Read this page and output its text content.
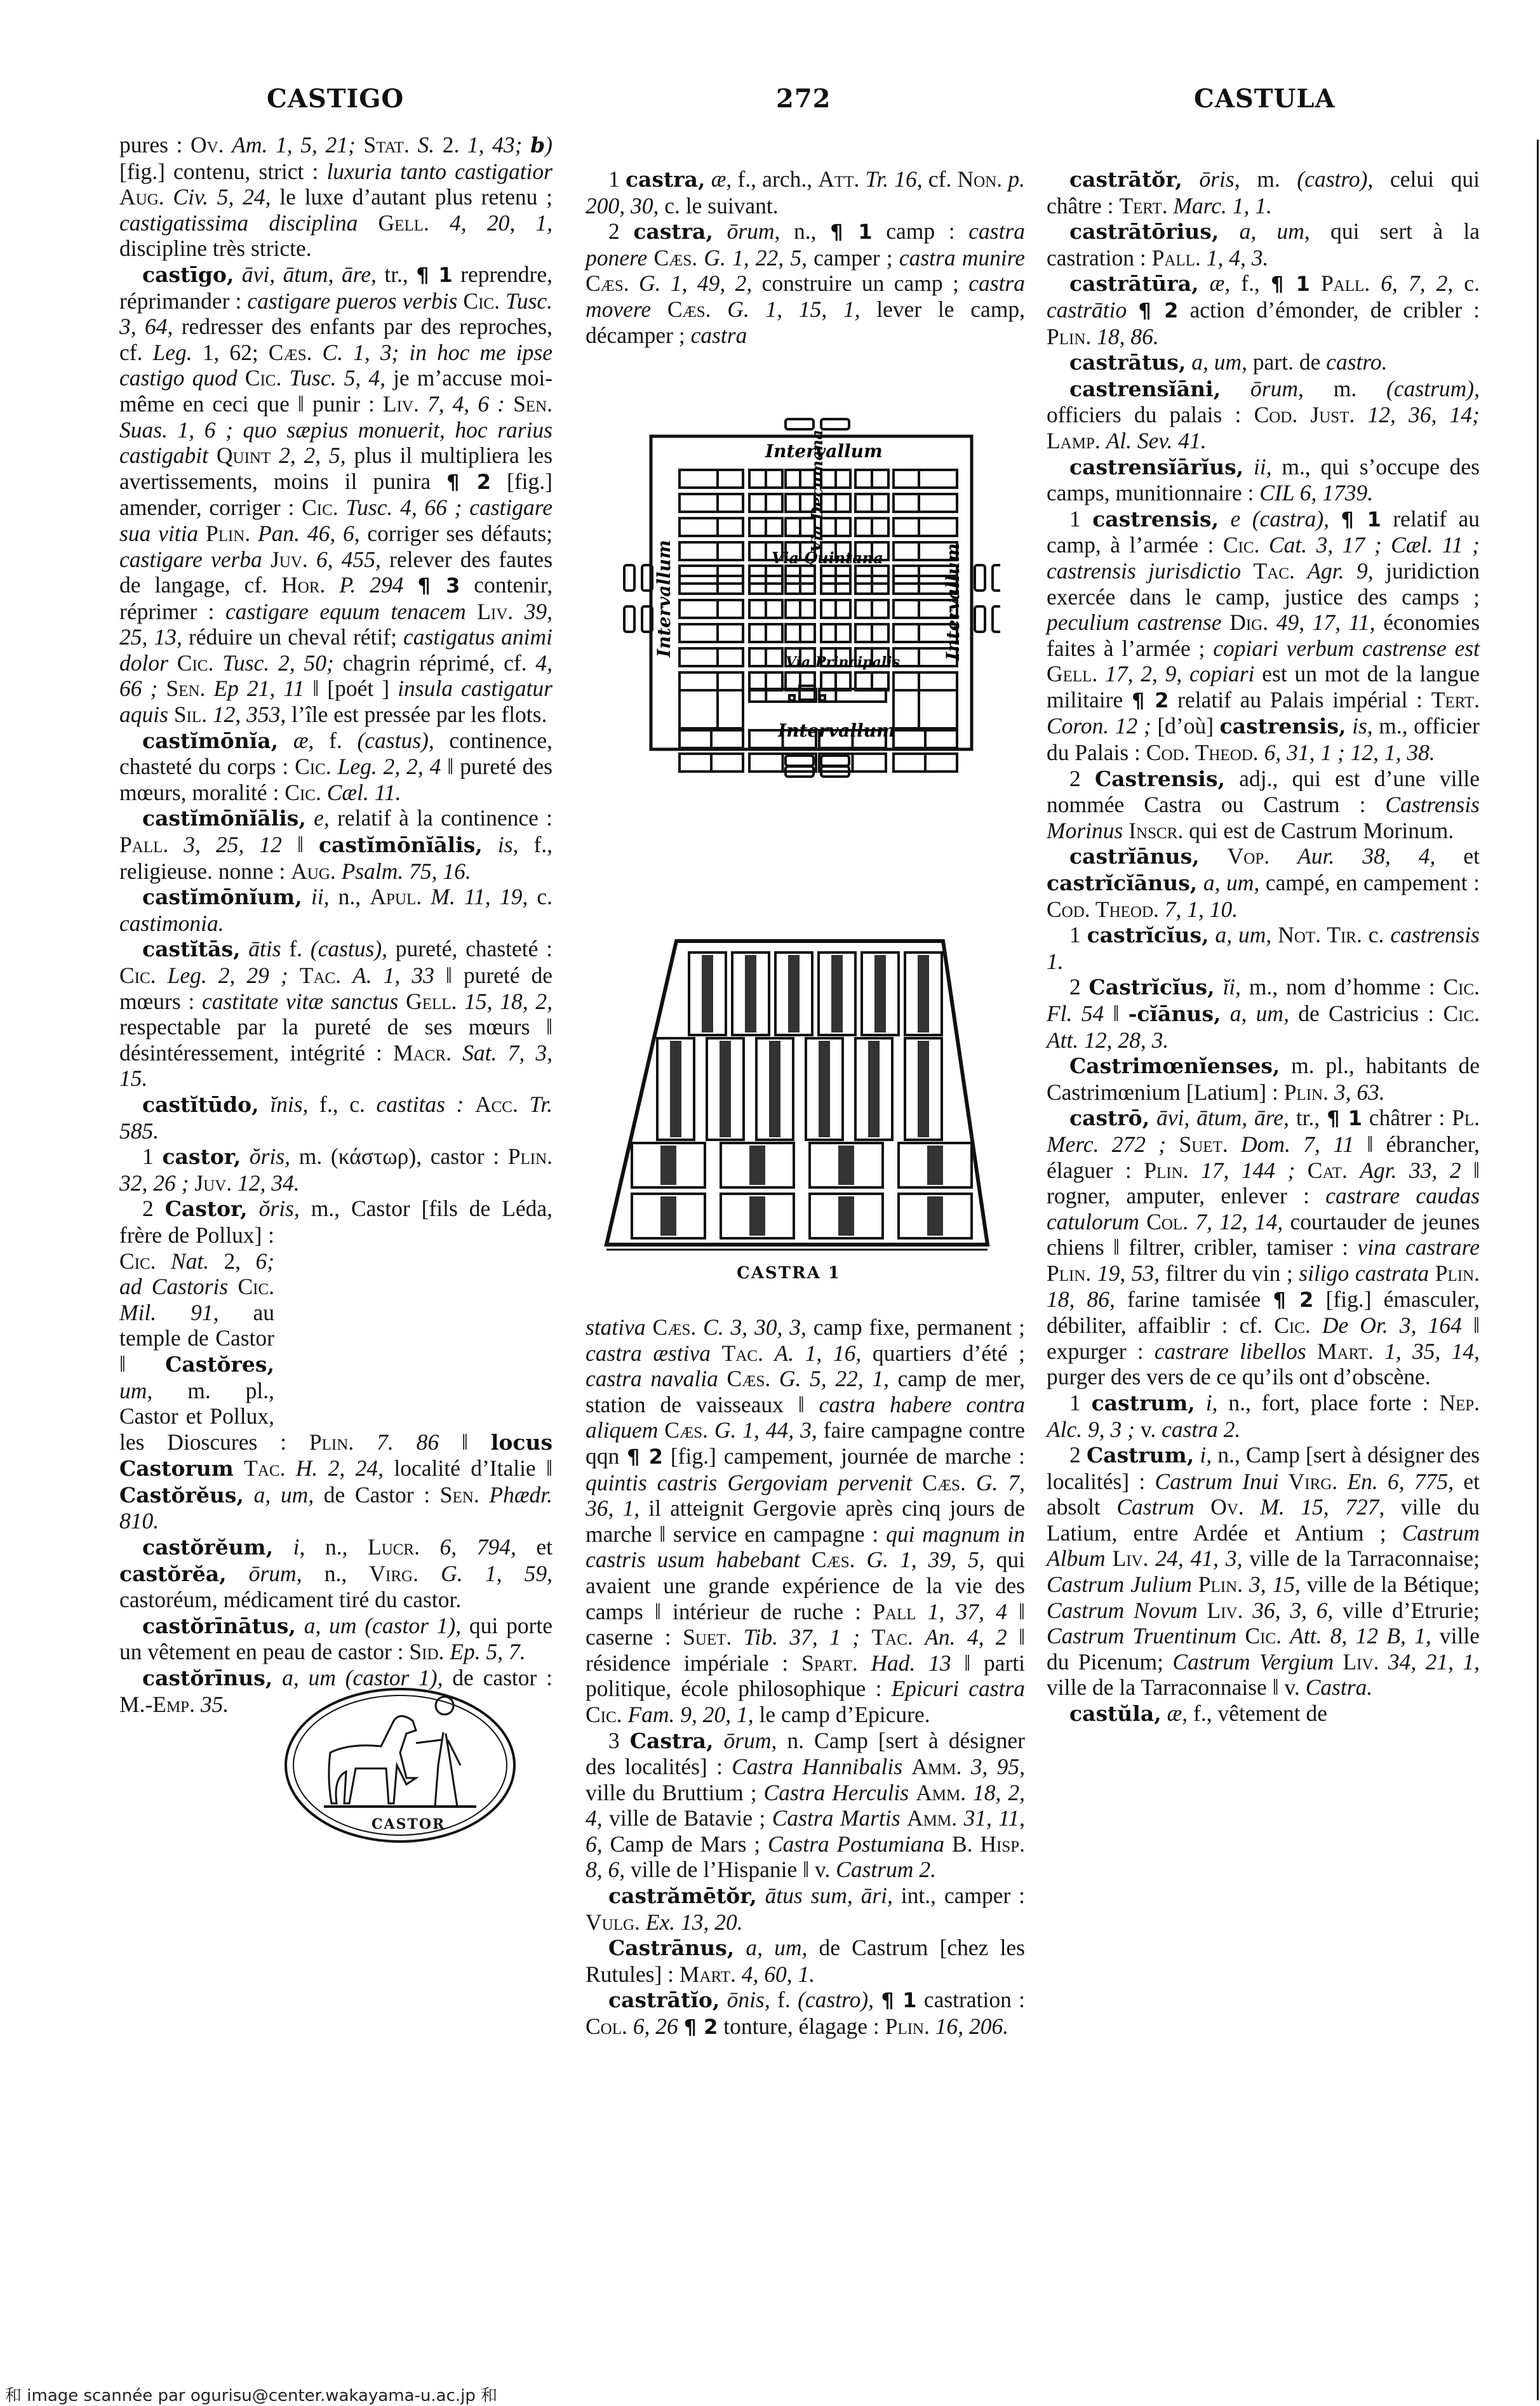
CASTIGO	272	CASTULA

pures : Ov. Am. 1, 5, 21; Stat. S. 2. 1, 43; b) [fig.] contenu, strict : luxuria tanto castigatior Aug. Civ. 5, 24, le luxe d’autant plus retenu ; castigatissima disciplina Gell. 4, 20, 1, discipline très stricte.

castīgo, āvi, ātum, āre, tr., ¶ 1 reprendre, réprimander : castigare pueros verbis Cic. Tusc. 3, 64, redresser des enfants par des reproches, cf. Leg. 1, 62; Cæs. C. 1, 3; in hoc me ipse castigo quod Cic. Tusc. 5, 4, je m’accuse moi-même en ceci que ‖ punir : Liv. 7, 4, 6 : Sen. Suas. 1, 6 ; quo sæpius monuerit, hoc rarius castigabit Quint 2, 2, 5, plus il multipliera les avertissements, moins il punira ¶ 2 [fig.] amender, corriger : Cic. Tusc. 4, 66 ; castigare sua vitia Plin. Pan. 46, 6, corriger ses défauts; castigare verba Juv. 6, 455, relever des fautes de langage, cf. Hor. P. 294 ¶ 3 contenir, réprimer : castigare equum tenacem Liv. 39, 25, 13, réduire un cheval rétif; castigatus animi dolor Cic. Tusc. 2, 50; chagrin réprimé, cf. 4, 66 ; Sen. Ep 21, 11 ‖ [poét ] insula castigatur aquis Sil. 12, 353, l’île est pressée par les flots.

castĭmōnĭa, æ, f. (castus), continence, chasteté du corps : Cic. Leg. 2, 2, 4 ‖ pureté des mœurs, moralité : Cic. Cæl. 11.

castĭmōnĭālis, e, relatif à la continence : Pall. 3, 25, 12 ‖ castĭmōnĭālis, is, f., religieuse. nonne : Aug. Psalm. 75, 16.

castĭmōnĭum, ii, n., Apul. M. 11, 19, c. castimonia.

castĭtās, ātis f. (castus), pureté, chasteté : Cic. Leg. 2, 29 ; Tac. A. 1, 33 ‖ pureté de mœurs : castitate vitæ sanctus Gell. 15, 18, 2, respectable par la pureté de ses mœurs ‖ désintéressement, intégrité : Macr. Sat. 7, 3, 15.

castĭtūdo, ĭnis, f., c. castitas : Acc. Tr. 585.

1 castor, ŏris, m. (κάστωρ), castor : Plin. 32, 26 ; Juv. 12, 34.

2 Castor, ŏris, m., Castor [fils de
Léda, frère de Pollux] : Cic. Nat. 2, 6; ad Castoris Cic. Mil. 91, au temple de Castor ‖ Castŏres, um, m. pl., Castor et Pollux, les Dioscures : Plin. 7. 86 ‖ locus Castorum Tac. H. 2, 24, localité d’Italie ‖ Castŏrĕus, a, um, de Castor : Sen. Phædr. 810.

castŏrĕum, i, n., Lucr. 6, 794, et castŏrĕa, ōrum, n., Virg. G. 1, 59, castoréum, médicament tiré du castor.

castŏrīnātus, a, um (castor 1), qui porte un vêtement en peau de castor : Sid. Ep. 5, 7.

castŏrīnus, a, um (castor 1), de castor : M.-Emp. 35.

1 castra, æ, f., arch., Att. Tr. 16, cf. Non. p. 200, 30, c. le suivant.

2 castra, ōrum, n., ¶ 1 camp : castra ponere Cæs. G. 1, 22, 5, camper ; castra munire Cæs. G. 1, 49, 2, construire un camp ; castra movere Cæs. G. 1, 15, 1, lever le camp, décamper ; castra

Intervallum
Intervallum
Intervallum	Intervallum
Via Decumana
Via Quintana
Via Principalis
CASTRA 1

stativa Cæs. C. 3, 30, 3, camp fixe, permanent ; castra æstiva Tac. A. 1, 16, quartiers d’été ; castra navalia Cæs. G. 5, 22, 1, camp de mer, station de vaisseaux ‖ castra habere contra aliquem Cæs. G. 1, 44, 3, faire campagne contre qqn ¶ 2 [fig.] campement, journée de marche : quintis castris Gergoviam pervenit Cæs. G. 7, 36, 1, il atteignit Gergovie après cinq jours de marche ‖ service en campagne : qui magnum in castris usum habebant Cæs. G. 1, 39, 5, qui avaient une grande expérience de la vie des camps ‖ intérieur de ruche : Pall 1, 37, 4 ‖ caserne : Suet. Tib. 37, 1 ; Tac. An. 4, 2 ‖ résidence impériale : Spart. Had. 13 ‖ parti politique, école philosophique : Epicuri castra Cic. Fam. 9, 20, 1, le camp d’Epicure.

3 Castra, ōrum, n. Camp [sert à désigner des localités] : Castra Hannibalis Amm. 3, 95, ville du Bruttium ; Castra Herculis Amm. 18, 2, 4, ville de Batavie ; Castra Martis Amm. 31, 11, 6, Camp de Mars ; Castra Postumiana B. Hisp. 8, 6, ville de l’Hispanie ‖ v. Castrum 2.

castrămētŏr, ātus sum, āri, int., camper : Vulg. Ex. 13, 20.

Castrānus, a, um, de Castrum [chez les Rutules] : Mart. 4, 60, 1.

castrātĭo, ōnis, f. (castro), ¶ 1 castration : Col. 6, 26 ¶ 2 tonture, élagage : Plin. 16, 206.

castrātŏr, ōris, m. (castro), celui qui châtre : Tert. Marc. 1, 1.

castrātōrius, a, um, qui sert à la castration : Pall. 1, 4, 3.

castrātūra, æ, f., ¶ 1 Pall. 6, 7, 2, c. castrātio ¶ 2 action d’émonder, de cribler : Plin. 18, 86.

castrātus, a, um, part. de castro.

castrensĭāni, ōrum, m. (castrum), officiers du palais : Cod. Just. 12, 36, 14; Lamp. Al. Sev. 41.

castrensĭārĭus, ii, m., qui s’occupe des camps, munitionnaire : CIL 6, 1739.

1 castrensis, e (castra), ¶ 1 relatif au camp, à l’armée : Cic. Cat. 3, 17 ; Cæl. 11 ; castrensis jurisdictio Tac. Agr. 9, juridiction exercée dans le camp, justice des camps ; peculium castrense Dig. 49, 17, 11, économies faites à l’armée ; copiari verbum castrense est Gell. 17, 2, 9, copiari est un mot de la langue militaire ¶ 2 relatif au Palais impérial : Tert. Coron. 12 ; [d’où] castrensis, is, m., officier du Palais : Cod. Theod. 6, 31, 1 ; 12, 1, 38.

2 Castrensis, adj., qui est d’une ville nommée Castra ou Castrum : Castrensis Morinus Inscr. qui est de Castrum Morinum.

castrĭānus, Vop. Aur. 38, 4, et castrĭcĭānus, a, um, campé, en campement : Cod. Theod. 7, 1, 10.

1 castrĭcĭus, a, um, Not. Tir. c. castrensis 1.

2 Castrĭcĭus, ĭi, m., nom d’homme : Cic. Fl. 54 ‖ -cĭānus, a, um, de Castricius : Cic. Att. 12, 28, 3.

Castrimœnĭenses, m. pl., habitants de Castrimœnium [Latium] : Plin. 3, 63.

castrō, āvi, ātum, āre, tr., ¶ 1 châtrer : Pl. Merc. 272 ; Suet. Dom. 7, 11 ‖ ébrancher, élaguer : Plin. 17, 144 ; Cat. Agr. 33, 2 ‖ rogner, amputer, enlever : castrare caudas catulorum Col. 7, 12, 14, courtauder de jeunes chiens ‖ filtrer, cribler, tamiser : vina castrare Plin. 19, 53, filtrer du vin ; siligo castrata Plin. 18, 86, farine tamisée ¶ 2 [fig.] émasculer, débiliter, affaiblir : cf. Cic. De Or. 3, 164 ‖ expurger : castrare libellos Mart. 1, 35, 14, purger des vers de ce qu’ils ont d’obscène.

1 castrum, i, n., fort, place forte : Nep. Alc. 9, 3 ; v. castra 2.

2 Castrum, i, n., Camp [sert à désigner des localités] : Castrum Inui Virg. En. 6, 775, et absolt Castrum Ov. M. 15, 727, ville du Latium, entre Ardée et Antium ; Castrum Album Liv. 24, 41, 3, ville de la Tarraconnaise; Castrum Julium Plin. 3, 15, ville de la Bétique; Castrum Novum Liv. 36, 3, 6, ville d’Etrurie; Castrum Truentinum Cic. Att. 8, 12 B, 1, ville du Picenum; Castrum Vergium Liv. 34, 21, 1, ville de la Tarraconnaise ‖ v. Castra.

castŭla, æ, f., vêtement de

CASTOR
和 image scannée par ogurisu@center.wakayama-u.ac.jp 和
